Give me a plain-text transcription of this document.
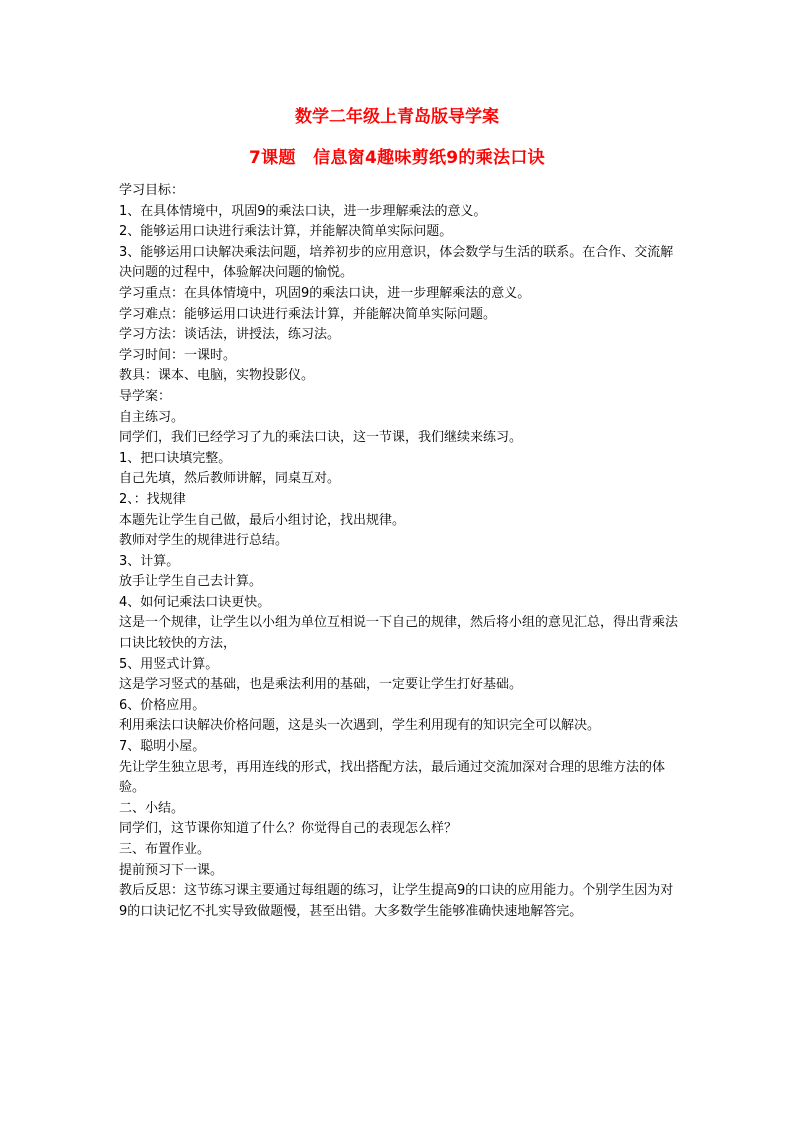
数学二年级上青岛版导学案
7课题　信息窗4趣味剪纸9的乘法口诀

学习目标：

1、在具体情境中，巩固9的乘法口诀，进一步理解乘法的意义。

2、能够运用口诀进行乘法计算，并能解决简单实际问题。

3、能够运用口诀解决乘法问题，培养初步的应用意识，体会数学与生活的联系。在合作、交流解决问题的过程中，体验解决问题的愉悦。

学习重点：在具体情境中，巩固9的乘法口诀，进一步理解乘法的意义。

学习难点：能够运用口诀进行乘法计算，并能解决简单实际问题。

学习方法：谈话法，讲授法，练习法。

学习时间：一课时。

教具：课本、电脑，实物投影仪。

导学案：

自主练习。

同学们，我们已经学习了九的乘法口诀，这一节课，我们继续来练习。

1、把口诀填完整。

自己先填，然后教师讲解，同桌互对。

2、：找规律

本题先让学生自己做，最后小组讨论，找出规律。

教师对学生的规律进行总结。

3、计算。

放手让学生自己去计算。

4、如何记乘法口诀更快。

这是一个规律，让学生以小组为单位互相说一下自己的规律，然后将小组的意见汇总，得出背乘法口诀比较快的方法，

5、用竖式计算。

这是学习竖式的基础，也是乘法利用的基础，一定要让学生打好基础。

6、价格应用。

利用乘法口诀解决价格问题，这是头一次遇到，学生利用现有的知识完全可以解决。

7、聪明小屋。

先让学生独立思考，再用连线的形式，找出搭配方法，最后通过交流加深对合理的思维方法的体验。

二、小结。

同学们，这节课你知道了什么？你觉得自己的表现怎么样？

三、布置作业。

提前预习下一课。

教后反思：这节练习课主要通过每组题的练习，让学生提高9的口诀的应用能力。个别学生因为对9的口诀记忆不扎实导致做题慢，甚至出错。大多数学生能够准确快速地解答完。
